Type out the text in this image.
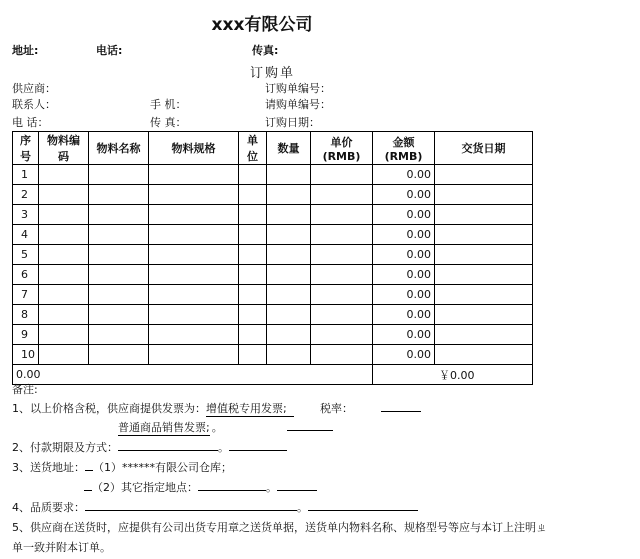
xxx有限公司
地址:	电话:	传真:
订购单
供应商：
联系人：
电 话：
手 机：
传 真：
订购单编号：
请购单编号：
订购日期：
序号	物料编码	物料名称	物料规格	单位	数量	单价(RMB)	金额(RMB)	交货日期
1							0.00	
2							0.00	
3							0.00	
4							0.00	
5							0.00	
6							0.00	
7							0.00	
8							0.00	
9							0.00	
10							0.00	
0.00							￥0.00	
备注:
1、以上价格含税，供应商提供发票为：增值税专用发票;	税率：
普通商品销售发票; 。
2、付款期限及方式：	。
3、送货地址： （1）******有限公司仓库；
（2）其它指定地点：	。
4、品质要求：	。
5、供应商在送货时，应提供有公司出货专用章之送货单据，送货单内物料名称、规格型号等应与本订上注明ㄓ
单一致并附本订单。
